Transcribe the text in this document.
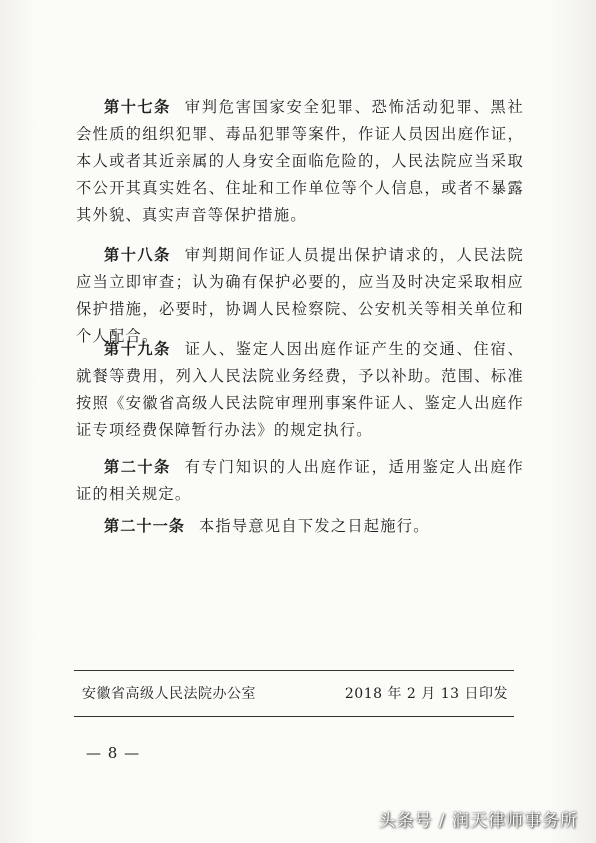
第十七条 审判危害国家安全犯罪、恐怖活动犯罪、黑社会性质的组织犯罪、毒品犯罪等案件，作证人员因出庭作证，本人或者其近亲属的人身安全面临危险的，人民法院应当采取不公开其真实姓名、住址和工作单位等个人信息，或者不暴露其外貌、真实声音等保护措施。

第十八条 审判期间作证人员提出保护请求的，人民法院应当立即审查；认为确有保护必要的，应当及时决定采取相应保护措施，必要时，协调人民检察院、公安机关等相关单位和个人配合。

第十九条 证人、鉴定人因出庭作证产生的交通、住宿、就餐等费用，列入人民法院业务经费，予以补助。范围、标准按照《安徽省高级人民法院审理刑事案件证人、鉴定人出庭作证专项经费保障暂行办法》的规定执行。

第二十条 有专门知识的人出庭作证，适用鉴定人出庭作证的相关规定。

第二十一条 本指导意见自下发之日起施行。

安徽省高级人民法院办公室	2018 年 2 月 13 日印发
— 8 —
头条号 / 润天律师事务所
